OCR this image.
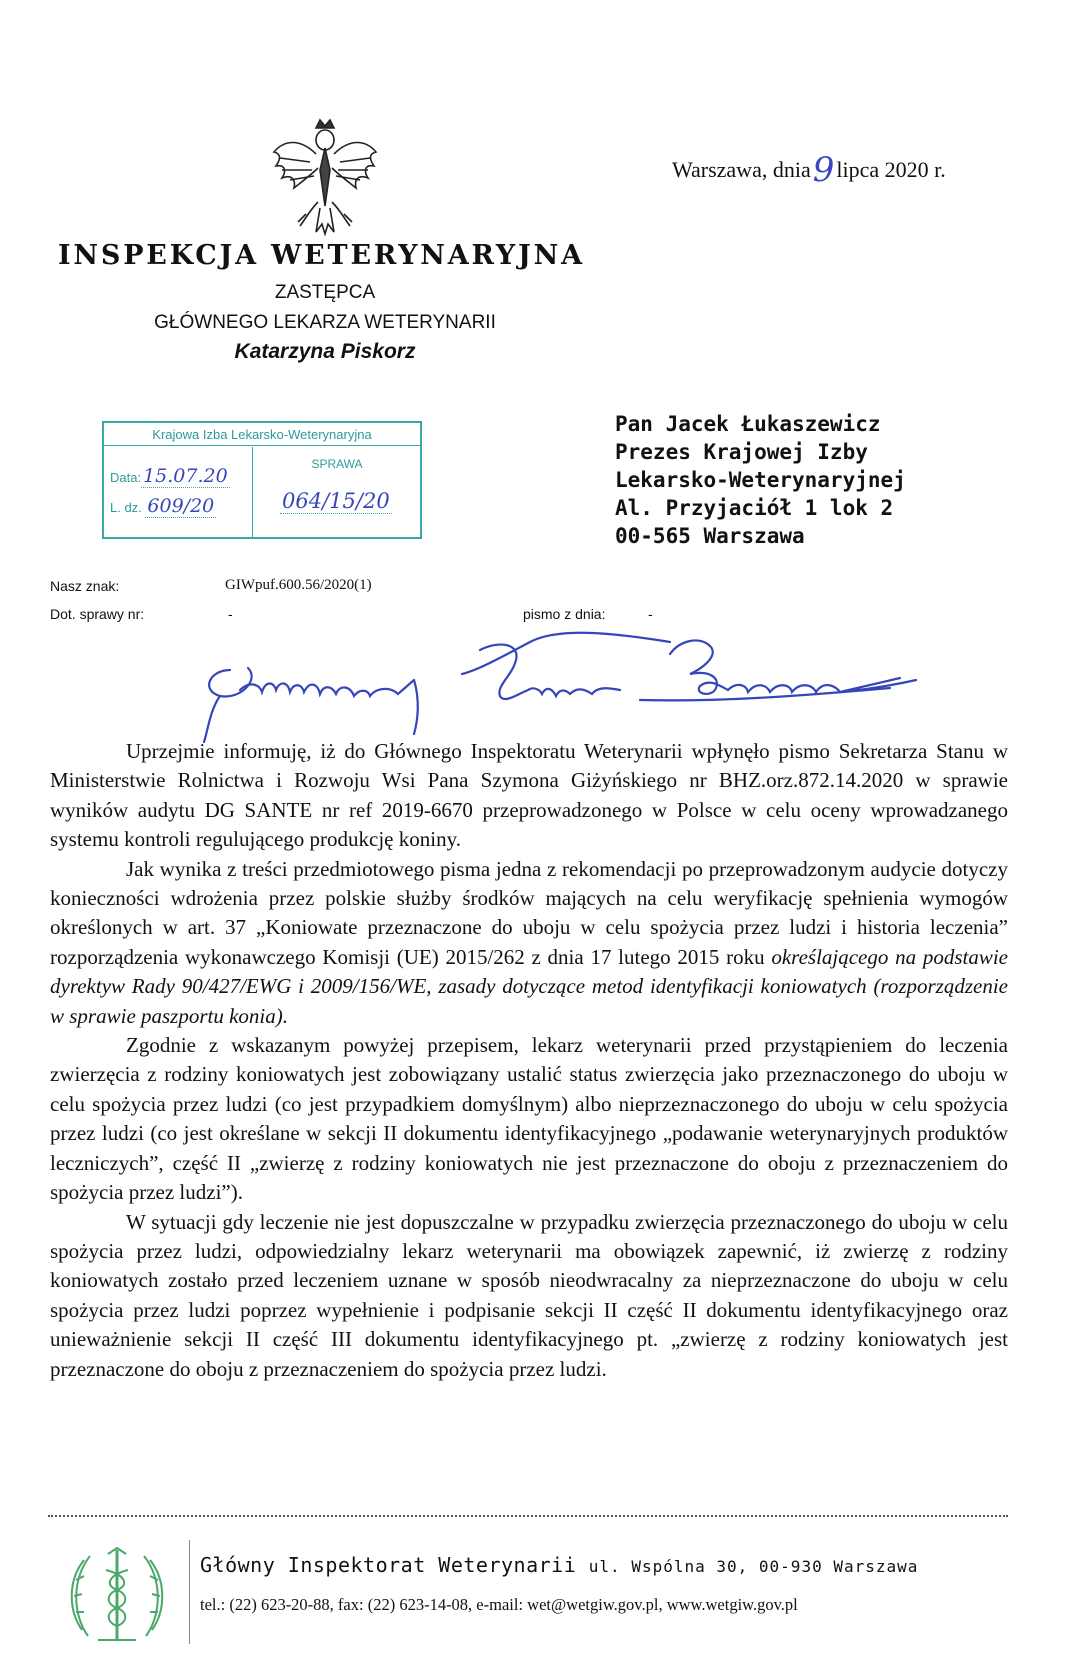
Warszawa, dnia9lipca 2020 r.
INSPEKCJA WETERYNARYJNA
ZASTĘPCA
GŁÓWNEGO LEKARZA WETERYNARII
Katarzyna Piskorz
Krajowa Izba Lekarsko-Weterynaryjna
Data: 15.07.20
L. dz. 609/20
SPRAWA
064/15/20
Pan Jacek Łukaszewicz
Prezes Krajowej Izby
Lekarsko-Weterynaryjnej
Al. Przyjaciół 1 lok 2
00-565 Warszawa
Nasz znak:	GIWpuf.600.56/2020(1)
Dot. sprawy nr:	-	pismo z dnia:	-

Uprzejmie informuję, iż do Głównego Inspektoratu Weterynarii wpłynęło pismo Sekretarza Stanu w Ministerstwie Rolnictwa i Rozwoju Wsi Pana Szymona Giżyńskiego nr BHZ.orz.872.14.2020 w sprawie wyników audytu DG SANTE nr ref 2019-6670 przeprowadzonego w Polsce w celu oceny wprowadzanego systemu kontroli regulującego produkcję koniny.

Jak wynika z treści przedmiotowego pisma jedna z rekomendacji po przeprowadzonym audycie dotyczy konieczności wdrożenia przez polskie służby środków mających na celu weryfikację spełnienia wymogów określonych w art. 37 „Koniowate przeznaczone do uboju w celu spożycia przez ludzi i historia leczenia” rozporządzenia wykonawczego Komisji (UE) 2015/262 z dnia 17 lutego 2015 roku określającego na podstawie dyrektyw Rady 90/427/EWG i 2009/156/WE, zasady dotyczące metod identyfikacji koniowatych (rozporządzenie w sprawie paszportu konia).

Zgodnie z wskazanym powyżej przepisem, lekarz weterynarii przed przystąpieniem do leczenia zwierzęcia z rodziny koniowatych jest zobowiązany ustalić status zwierzęcia jako przeznaczonego do uboju w celu spożycia przez ludzi (co jest przypadkiem domyślnym) albo nieprzeznaczonego do uboju w celu spożycia przez ludzi (co jest określane w sekcji II dokumentu identyfikacyjnego „podawanie weterynaryjnych produktów leczniczych”, część II „zwierzę z rodziny koniowatych nie jest przeznaczone do oboju z przeznaczeniem do spożycia przez ludzi”).

W sytuacji gdy leczenie nie jest dopuszczalne w przypadku zwierzęcia przeznaczonego do uboju w celu spożycia przez ludzi, odpowiedzialny lekarz weterynarii ma obowiązek zapewnić, iż zwierzę z rodziny koniowatych zostało przed leczeniem uznane w sposób nieodwracalny za nieprzeznaczone do uboju w celu spożycia przez ludzi poprzez wypełnienie i podpisanie sekcji II część II dokumentu identyfikacyjnego oraz unieważnienie sekcji II część III dokumentu identyfikacyjnego pt. „zwierzę z rodziny koniowatych jest przeznaczone do oboju z przeznaczeniem do spożycia przez ludzi.

Główny Inspektorat Weterynarii ul. Wspólna 30, 00-930 Warszawa
tel.: (22) 623-20-88, fax: (22) 623-14-08, e-mail: wet@wetgiw.gov.pl, www.wetgiw.gov.pl
